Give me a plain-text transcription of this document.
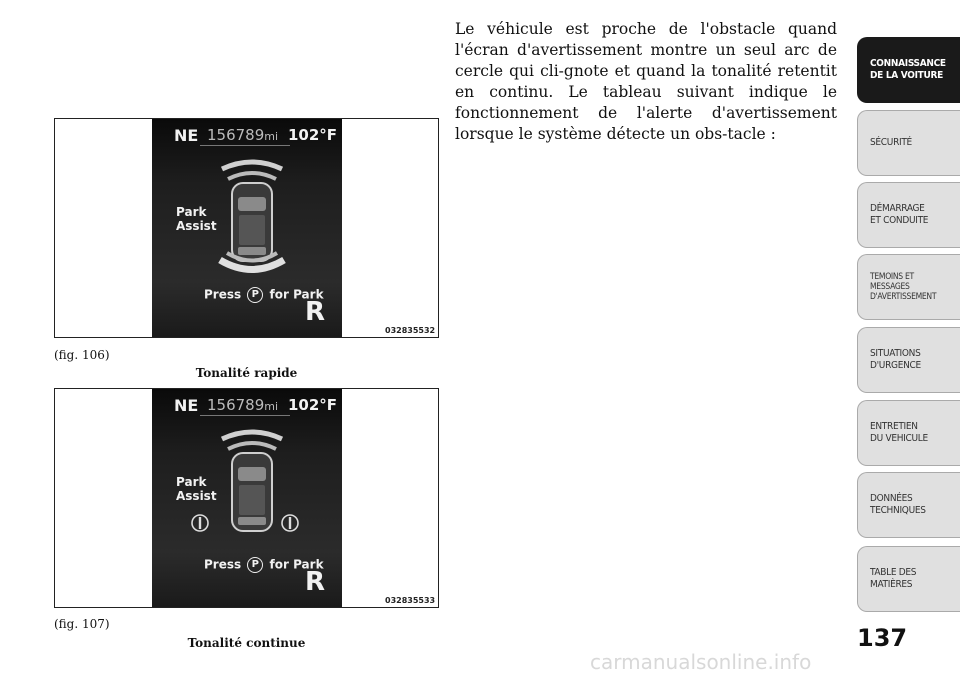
NE 156789mi 102°F
Park
Assist
Press P for Park
R
032835532
(fig. 106)
Tonalité rapide
NE 156789mi 102°F
Park
Assist
Press P for Park
R
032835533
(fig. 107)
Tonalité continue

Le véhicule est proche de l'obstacle quand l'écran d'avertissement montre un seul arc de cercle qui cli-gnote et quand la tonalité retentit en continu. Le tableau suivant indique le fonctionnement de l'alerte d'avertissement lorsque le système détecte un obs-tacle :

CONNAISSANCE
DE LA VOITURE
SÉCURITÉ
DÉMARRAGE
ET CONDUITE
TEMOINS ET
MESSAGES
D'AVERTISSEMENT
SITUATIONS
D'URGENCE
ENTRETIEN
DU VEHICULE
DONNÉES
TECHNIQUES
TABLE DES
MATIÈRES
137
carmanualsonline.info
